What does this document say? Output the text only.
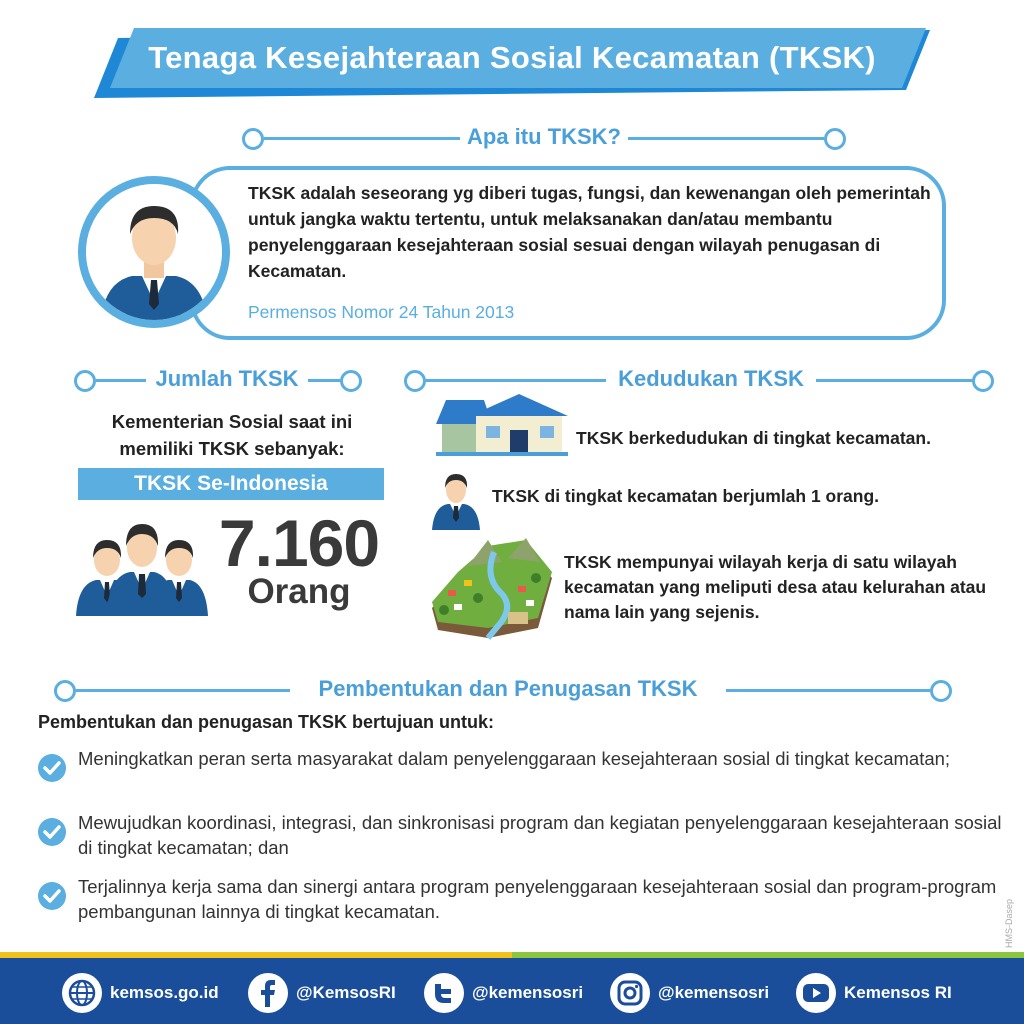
Tenaga Kesejahteraan Sosial Kecamatan (TKSK)
Apa itu TKSK?
TKSK adalah seseorang yg diberi tugas, fungsi, dan kewenangan oleh pemerintah untuk jangka waktu tertentu, untuk melaksanakan dan/atau membantu penyelenggaraan kesejahteraan sosial sesuai dengan wilayah penugasan di Kecamatan.
Permensos Nomor 24 Tahun 2013
Jumlah TKSK
Kementerian Sosial saat ini memiliki TKSK sebanyak:
TKSK Se-Indonesia
7.160
Orang
Kedudukan TKSK
TKSK berkedudukan di tingkat kecamatan.
TKSK di tingkat kecamatan berjumlah 1 orang.
TKSK mempunyai wilayah kerja di satu wilayah kecamatan yang meliputi desa atau kelurahan atau nama lain yang sejenis.
Pembentukan dan Penugasan TKSK
Pembentukan dan penugasan TKSK bertujuan untuk:
Meningkatkan peran serta masyarakat dalam penyelenggaraan kesejahteraan sosial di tingkat kecamatan;
Mewujudkan koordinasi, integrasi, dan sinkronisasi program dan kegiatan penyelenggaraan kesejahteraan sosial di tingkat kecamatan; dan
Terjalinnya kerja sama dan sinergi antara program penyelenggaraan kesejahteraan sosial dan program-program pembangunan lainnya di tingkat kecamatan.	HMS-Dasep
kemsos.go.id	@KemsosRI	@kemensosri	@kemensosri	Kemensos RI
